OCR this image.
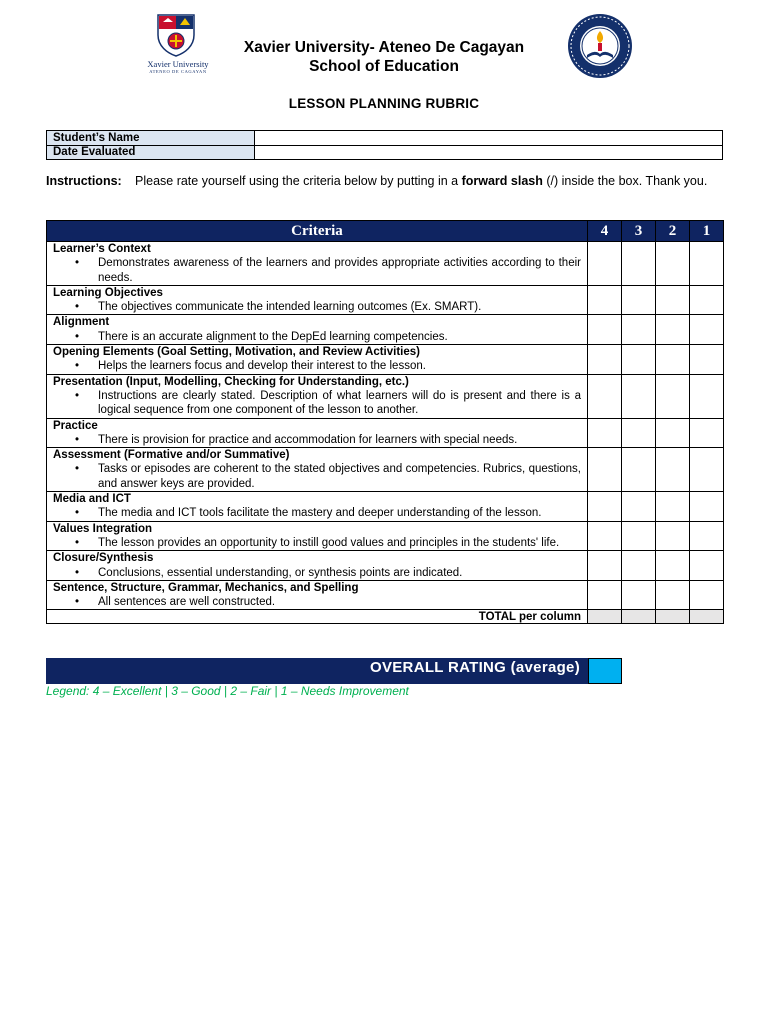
Xavier University
ATENEO DE CAGAYAN
Xavier University- Ateneo De Cagayan
School of Education
LESSON PLANNING RUBRIC
Student’s Name	
Date Evaluated	
Instructions: Please rate yourself using the criteria below by putting in a forward slash (/) inside the box. Thank you.
Criteria	4	3	2	1

Learner’s Context
• Demonstrates awareness of the learners and provides appropriate activities according to their needs.				

Learning Objectives
• The objectives communicate the intended learning outcomes (Ex. SMART).				

Alignment
• There is an accurate alignment to the DepEd learning competencies.				

Opening Elements (Goal Setting, Motivation, and Review Activities)
• Helps the learners focus and develop their interest to the lesson.				

Presentation (Input, Modelling, Checking for Understanding, etc.)
• Instructions are clearly stated. Description of what learners will do is present and there is a logical sequence from one component of the lesson to another.				

Practice
• There is provision for practice and accommodation for learners with special needs.				

Assessment (Formative and/or Summative)
• Tasks or episodes are coherent to the stated objectives and competencies. Rubrics, questions, and answer keys are provided.				

Media and ICT
• The media and ICT tools facilitate the mastery and deeper understanding of the lesson.				

Values Integration
• The lesson provides an opportunity to instill good values and principles in the students' life.				

Closure/Synthesis
• Conclusions, essential understanding, or synthesis points are indicated.				

Sentence, Structure, Grammar, Mechanics, and Spelling
• All sentences are well constructed.				

TOTAL per column				
OVERALL RATING (average)
Legend: 4 – Excellent | 3 – Good | 2 – Fair | 1 – Needs Improvement
